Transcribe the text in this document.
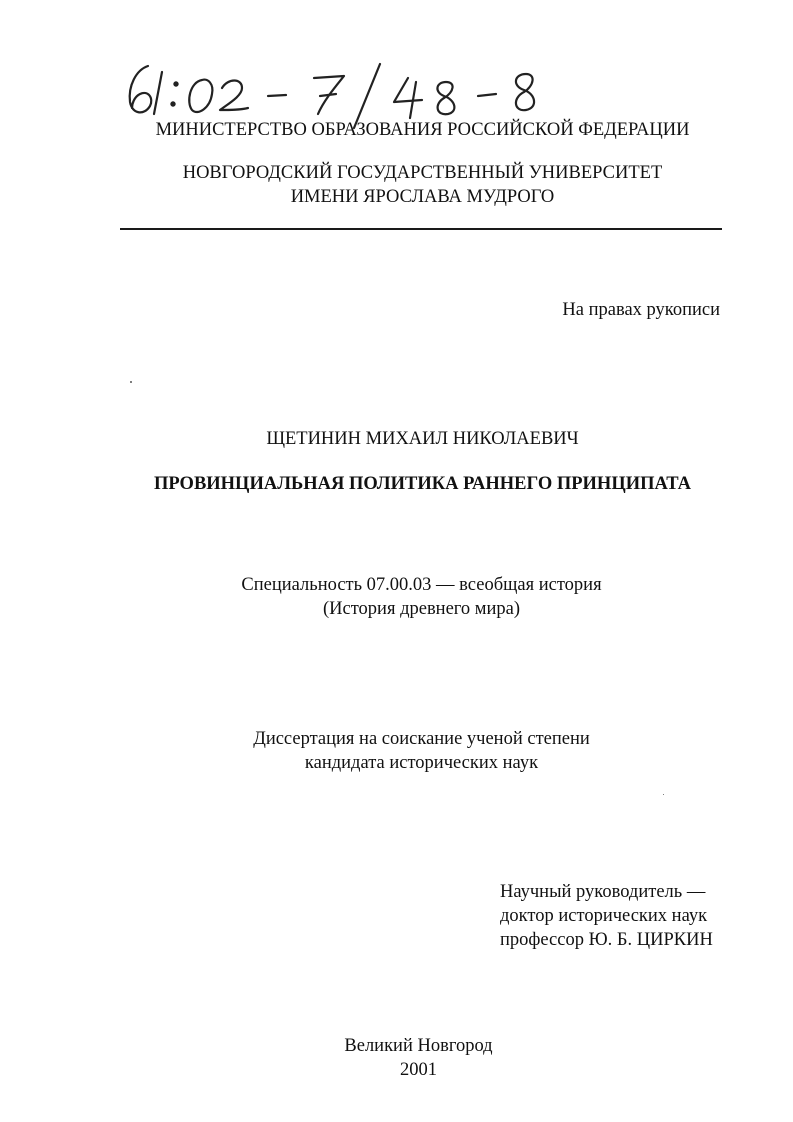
МИНИСТЕРСТВО ОБРАЗОВАНИЯ РОССИЙСКОЙ ФЕДЕРАЦИИ
НОВГОРОДСКИЙ ГОСУДАРСТВЕННЫЙ УНИВЕРСИТЕТ
ИМЕНИ ЯРОСЛАВА МУДРОГО
На правах рукописи
ЩЕТИНИН МИХАИЛ НИКОЛАЕВИЧ
ПРОВИНЦИАЛЬНАЯ ПОЛИТИКА РАННЕГО ПРИНЦИПАТА
Специальность 07.00.03 — всеобщая история
(История древнего мира)
Диссертация на соискание ученой степени
кандидата исторических наук
Научный руководитель —
доктор исторических наук
профессор Ю. Б. ЦИРКИН
Великий Новгород
2001
